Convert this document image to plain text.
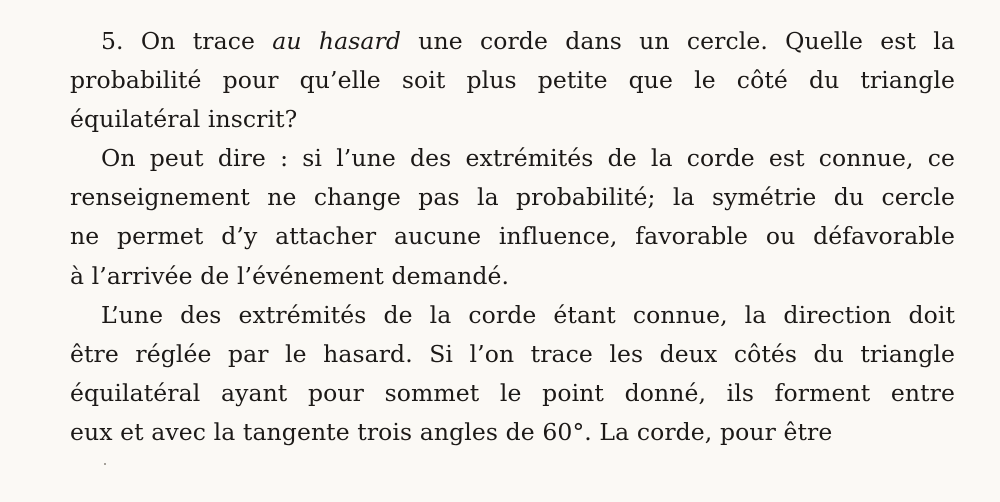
5. On trace au hasard une corde dans un cercle. Quelle est la
probabilité pour qu’elle soit plus petite que le côté du triangle
équilatéral inscrit?
On peut dire : si l’une des extrémités de la corde est connue, ce
renseignement ne change pas la probabilité; la symétrie du cercle
ne permet d’y attacher aucune influence, favorable ou défavorable
à l’arrivée de l’événement demandé.
L’une des extrémités de la corde étant connue, la direction doit
être réglée par le hasard. Si l’on trace les deux côtés du triangle
équilatéral ayant pour sommet le point donné, ils forment entre
eux et avec la tangente trois angles de 60°. La corde, pour être
